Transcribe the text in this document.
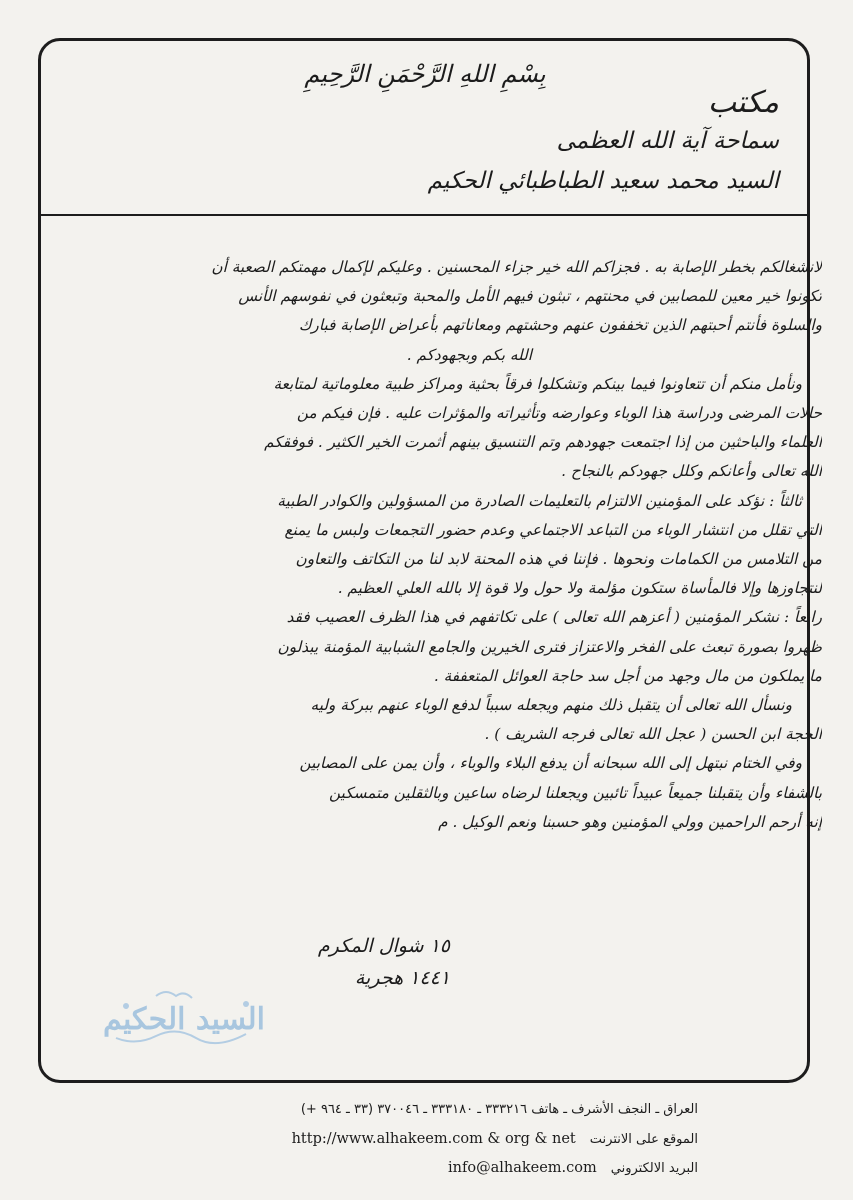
بِسْمِ اللهِ الرَّحْمَنِ الرَّحِيمِ
مكتب
سماحة آية الله العظمى
السيد محمد سعيد الطباطبائي الحكيم
لانشغالكم بخطر الإصابة به . فجزاكم الله خير جزاء المحسنين . وعليكم لإكمال مهمتكم الصعبة أن
تكونوا خير معين للمصابين في محنتهم ، تبثون فيهم الأمل والمحبة وتبعثون في نفوسهم الأنس
والسلوة فأنتم أحبتهم الذين تخففون عنهم وحشتهم ومعاناتهم بأعراض الإصابة فبارك
الله بكم وبجهودكم .
ونأمل منكم أن تتعاونوا فيما بينكم وتشكلوا فرقاً بحثية ومراكز طبية معلوماتية لمتابعة
حالات المرضى ودراسة هذا الوباء وعوارضه وتأثيراته والمؤثرات عليه . فإن فيكم من
العلماء والباحثين من إذا اجتمعت جهودهم وتم التنسيق بينهم أثمرت الخير الكثير . فوفقكم
الله تعالى وأعانكم وكلل جهودكم بالنجاح .
ثالثاً : نؤكد على المؤمنين الالتزام بالتعليمات الصادرة من المسؤولين والكوادر الطبية
التي تقلل من انتشار الوباء من التباعد الاجتماعي وعدم حضور التجمعات ولبس ما يمنع
من التلامس من الكمامات ونحوها . فإننا في هذه المحنة لابد لنا من التكاتف والتعاون
لنتجاوزها وإلا فالمأساة ستكون مؤلمة ولا حول ولا قوة إلا بالله العلي العظيم .
رابعاً : نشكر المؤمنين ( أعزهم الله تعالى ) على تكاتفهم في هذا الظرف العصيب فقد
ظهروا بصورة تبعث على الفخر والاعتزاز فترى الخيرين والجامع الشبابية المؤمنة يبذلون
ما يملكون من مال وجهد من أجل سد حاجة العوائل المتعففة .
ونسأل الله تعالى أن يتقبل ذلك منهم ويجعله سبباً لدفع الوباء عنهم ببركة وليه
الحجة ابن الحسن ( عجل الله تعالى فرجه الشريف ) .
وفي الختام نبتهل إلى الله سبحانه أن يدفع البلاء والوباء ، وأن يمن على المصابين
بالشفاء وأن يتقبلنا جميعاً عبيداً تائبين ويجعلنا لرضاه ساعين وبالثقلين متمسكين
إنه أرحم الراحمين وولي المؤمنين وهو حسبنا ونعم الوكيل . م
١٥ شوال المكرم
١٤٤١ هجرية
السيد الحكيم
العراق ـ النجف الأشرف ـ هاتف ٣٣٣٢١٦ ـ ٣٣٣١٨٠ ـ ٣٧٠٠٤٦ (٣٣ ـ ٩٦٤ +)
الموقع على الانترنتhttp://www.alhakeem.com & org & net
البريد الالكترونيinfo@alhakeem.com
